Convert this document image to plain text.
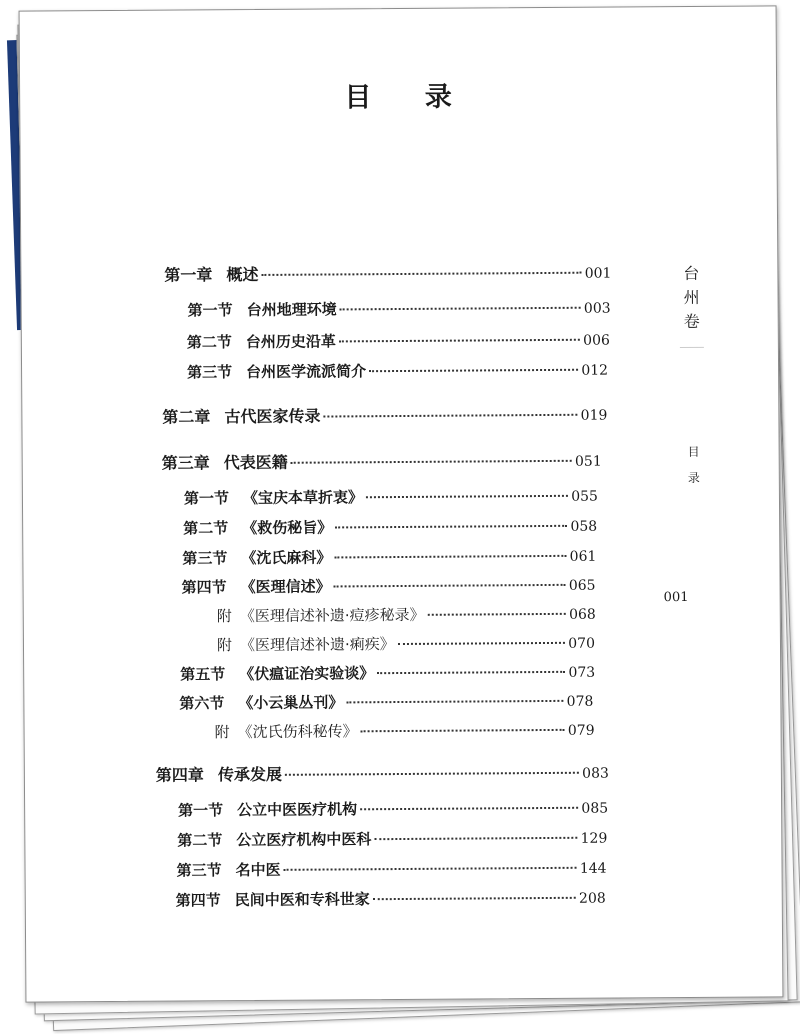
目 录
第一章 概述	001
第一节 台州地理环境	003
第二节 台州历史沿革	006
第三节 台州医学流派简介	012
第二章 古代医家传录	019
第三章 代表医籍	051
第一节 《宝庆本草折衷》	055
第二节 《救伤秘旨》	058
第三节 《沈氏麻科》	061
第四节 《医理信述》	065
附 《医理信述补遗·痘疹秘录》	068
附 《医理信述补遗·痢疾》	070
第五节 《伏瘟证治实验谈》	073
第六节 《小云巢丛刊》	078
附 《沈氏伤科秘传》	079
第四章 传承发展	083
第一节 公立中医医疗机构	085
第二节 公立医疗机构中医科	129
第三节 名中医	144
第四节 民间中医和专科世家	208
台
州
卷
目
录
001
